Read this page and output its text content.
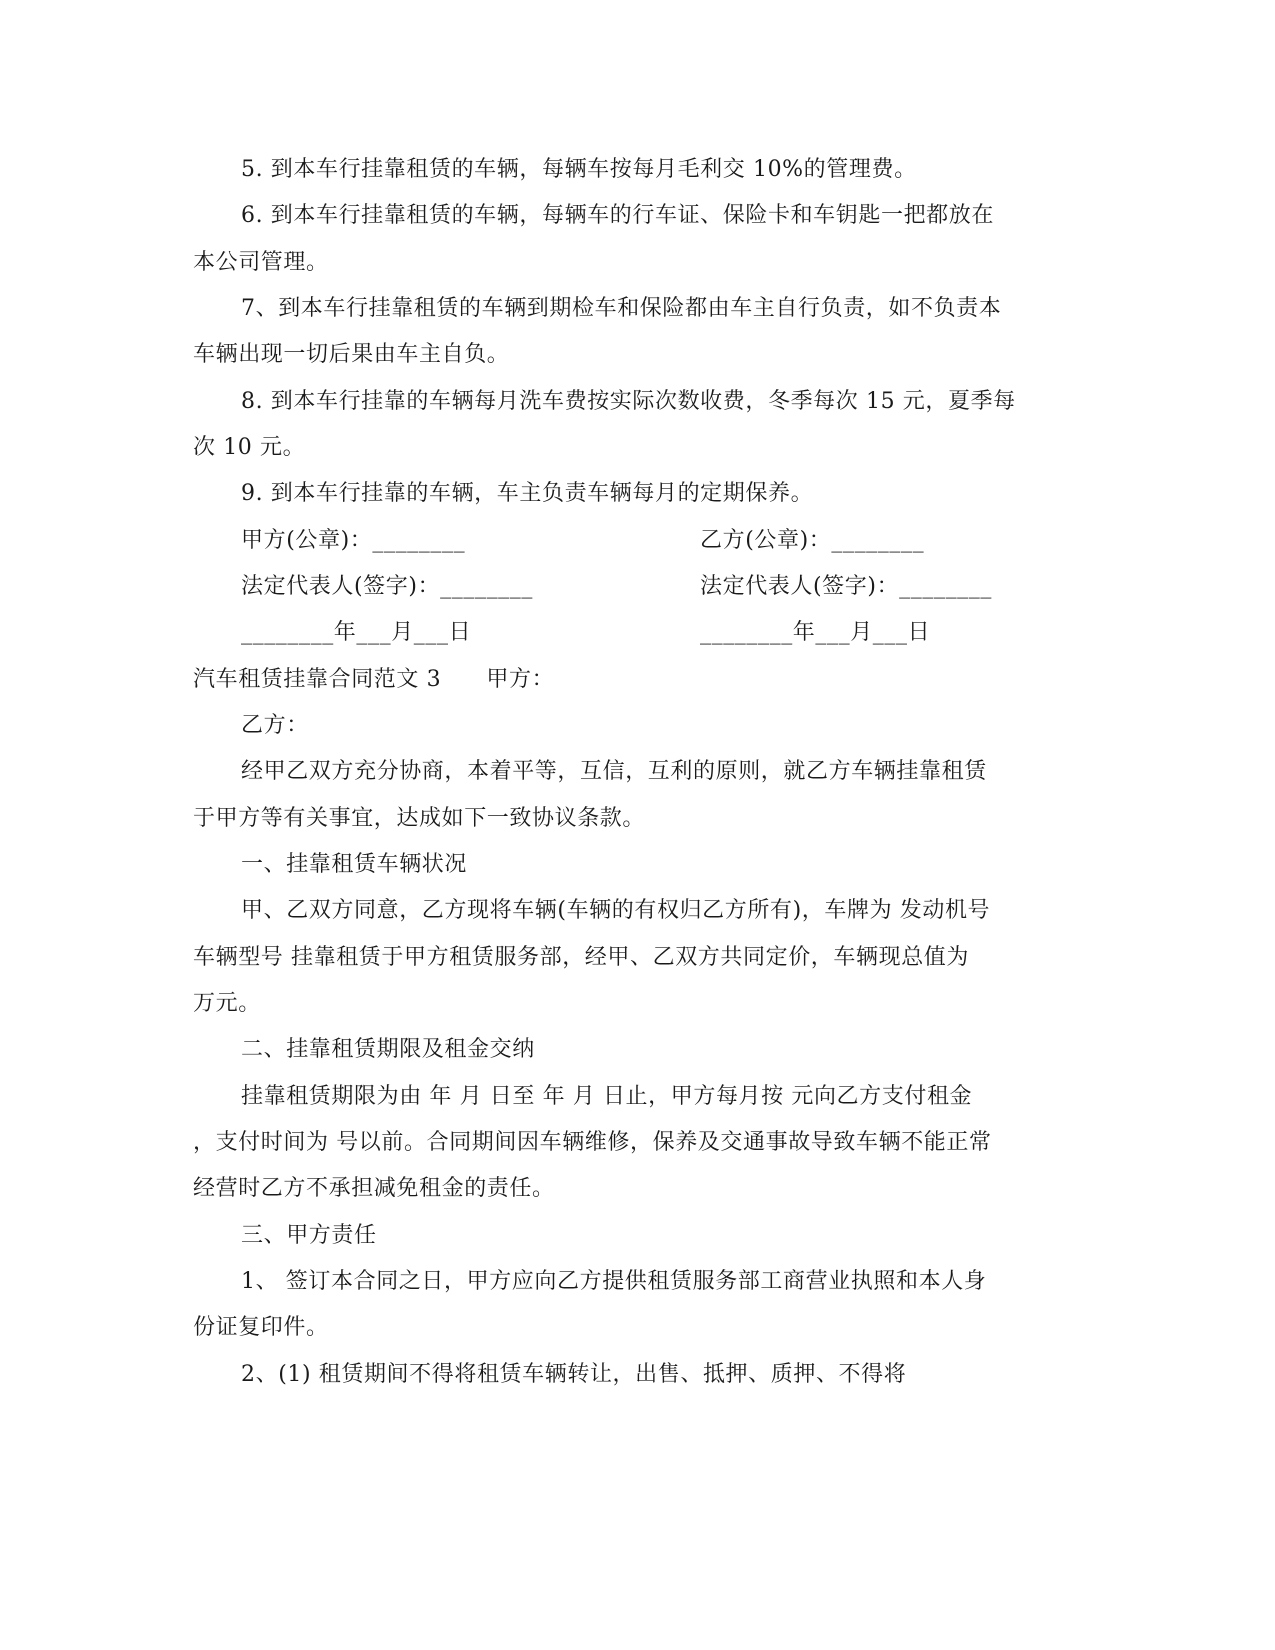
5. 到本车行挂靠租赁的车辆，每辆车按每月毛利交 10%的管理费。
6. 到本车行挂靠租赁的车辆，每辆车的行车证、保险卡和车钥匙一把都放在
本公司管理。
7、到本车行挂靠租赁的车辆到期检车和保险都由车主自行负责，如不负责本
车辆出现一切后果由车主自负。
8. 到本车行挂靠的车辆每月洗车费按实际次数收费，冬季每次 15 元，夏季每
次 10 元。
9. 到本车行挂靠的车辆，车主负责车辆每月的定期保养。
甲方(公章)：________	乙方(公章)：________
法定代表人(签字)：________	法定代表人(签字)：________
________年___月___日	________年___月___日
汽车租赁挂靠合同范文 3　　甲方：
乙方：
经甲乙双方充分协商，本着平等，互信，互利的原则，就乙方车辆挂靠租赁
于甲方等有关事宜，达成如下一致协议条款。
一、挂靠租赁车辆状况
甲、乙双方同意，乙方现将车辆(车辆的有权归乙方所有)，车牌为 发动机号
车辆型号 挂靠租赁于甲方租赁服务部，经甲、乙双方共同定价，车辆现总值为
万元。
二、挂靠租赁期限及租金交纳
挂靠租赁期限为由 年 月 日至 年 月 日止，甲方每月按 元向乙方支付租金
，支付时间为 号以前。合同期间因车辆维修，保养及交通事故导致车辆不能正常
经营时乙方不承担减免租金的责任。
三、甲方责任
1、 签订本合同之日，甲方应向乙方提供租赁服务部工商营业执照和本人身
份证复印件。
2、(1) 租赁期间不得将租赁车辆转让，出售、抵押、质押、不得将
